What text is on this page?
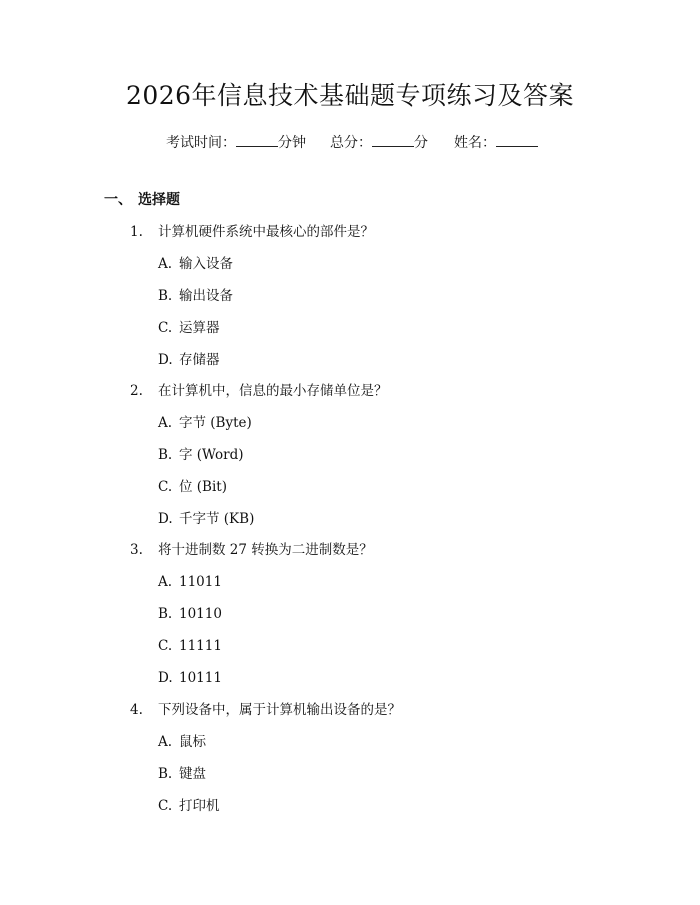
2026年信息技术基础题专项练习及答案
考试时间：	分钟 总分：	分 姓名：
一、 选择题
1. 计算机硬件系统中最核心的部件是？
A. 输入设备
B. 输出设备
C. 运算器
D. 存储器
2. 在计算机中，信息的最小存储单位是？
A. 字节 (Byte)
B. 字 (Word)
C. 位 (Bit)
D. 千字节 (KB)
3. 将十进制数 27 转换为二进制数是？
A. 11011
B. 10110
C. 11111
D. 10111
4. 下列设备中，属于计算机输出设备的是？
A. 鼠标
B. 键盘
C. 打印机
